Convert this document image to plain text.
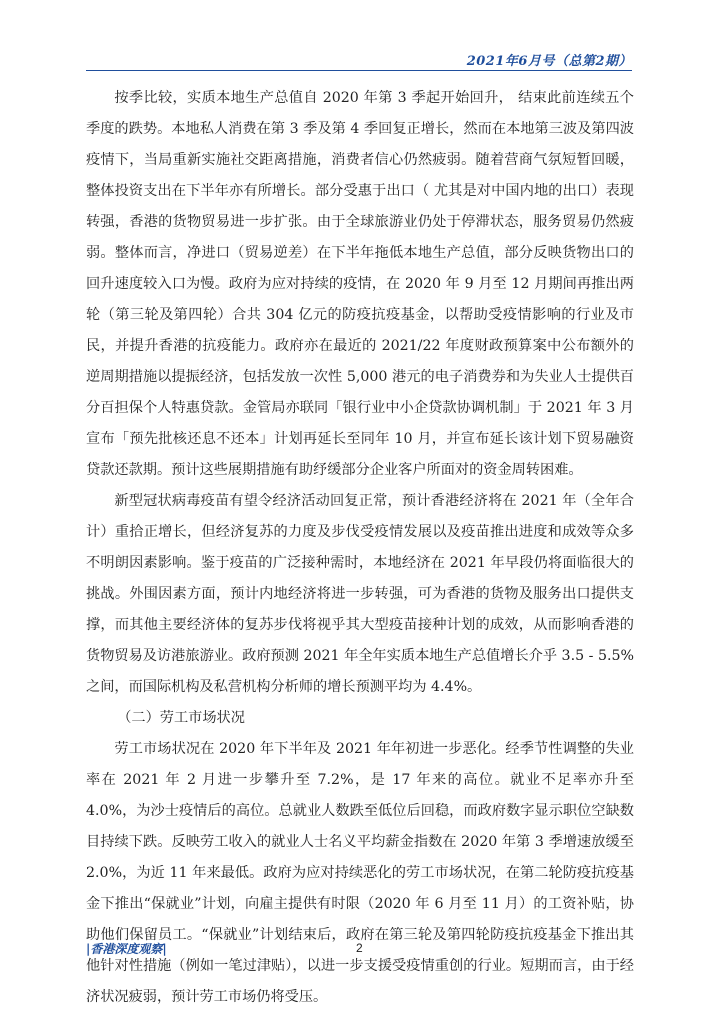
2021年6月号（总第2期）

按季比较，实质本地生产总值自 2020 年第 3 季起开始回升， 结束此前连续五个季度的跌势。本地私人消费在第 3 季及第 4 季回复正增长，然而在本地第三波及第四波疫情下，当局重新实施社交距离措施，消费者信心仍然疲弱。随着营商气氛短暂回暖，整体投资支出在下半年亦有所增长。部分受惠于出口（ 尤其是对中国内地的出口）表现转强，香港的货物贸易进一步扩张。由于全球旅游业仍处于停滞状态，服务贸易仍然疲弱。整体而言，净进口（贸易逆差）在下半年拖低本地生产总值，部分反映货物出口的回升速度较入口为慢。政府为应对持续的疫情，在 2020 年 9 月至 12 月期间再推出两轮（第三轮及第四轮）合共 304 亿元的防疫抗疫基金，以帮助受疫情影响的行业及市民，并提升香港的抗疫能力。政府亦在最近的 2021/22 年度财政预算案中公布额外的逆周期措施以提振经济，包括发放一次性 5,000 港元的电子消费券和为失业人士提供百分百担保个人特惠贷款。金管局亦联同「银行业中小企贷款协调机制」于 2021 年 3 月宣布「预先批核还息不还本」计划再延长至同年 10 月，并宣布延长该计划下贸易融资贷款还款期。预计这些展期措施有助纾缓部分企业客户所面对的资金周转困难。

新型冠状病毒疫苗有望令经济活动回复正常，预计香港经济将在 2021 年（全年合计）重拾正增长，但经济复苏的力度及步伐受疫情发展以及疫苗推出进度和成效等众多不明朗因素影响。鉴于疫苗的广泛接种需时，本地经济在 2021 年早段仍将面临很大的挑战。外围因素方面，预计内地经济将进一步转强，可为香港的货物及服务出口提供支撑，而其他主要经济体的复苏步伐将视乎其大型疫苗接种计划的成效，从而影响香港的货物贸易及访港旅游业。政府预测 2021 年全年实质本地生产总值增长介乎 3.5 - 5.5% 之间，而国际机构及私营机构分析师的增长预测平均为 4.4%。

（二）劳工市场状况

劳工市场状况在 2020 年下半年及 2021 年年初进一步恶化。经季节性调整的失业率在 2021 年 2 月进一步攀升至 7.2%，是 17 年来的高位。就业不足率亦升至 4.0%，为沙士疫情后的高位。总就业人数跌至低位后回稳，而政府数字显示职位空缺数目持续下跌。反映劳工收入的就业人士名义平均薪金指数在 2020 年第 3 季增速放缓至 2.0%，为近 11 年来最低。政府为应对持续恶化的劳工市场状况，在第二轮防疫抗疫基金下推出“保就业”计划，向雇主提供有时限（2020 年 6 月至 11 月）的工资补贴，协助他们保留员工。“保就业”计划结束后，政府在第三轮及第四轮防疫抗疫基金下推出其他针对性措施（例如一笔过津贴），以进一步支援受疫情重创的行业。短期而言，由于经济状况疲弱，预计劳工市场仍将受压。

|香港深度观察|	2
